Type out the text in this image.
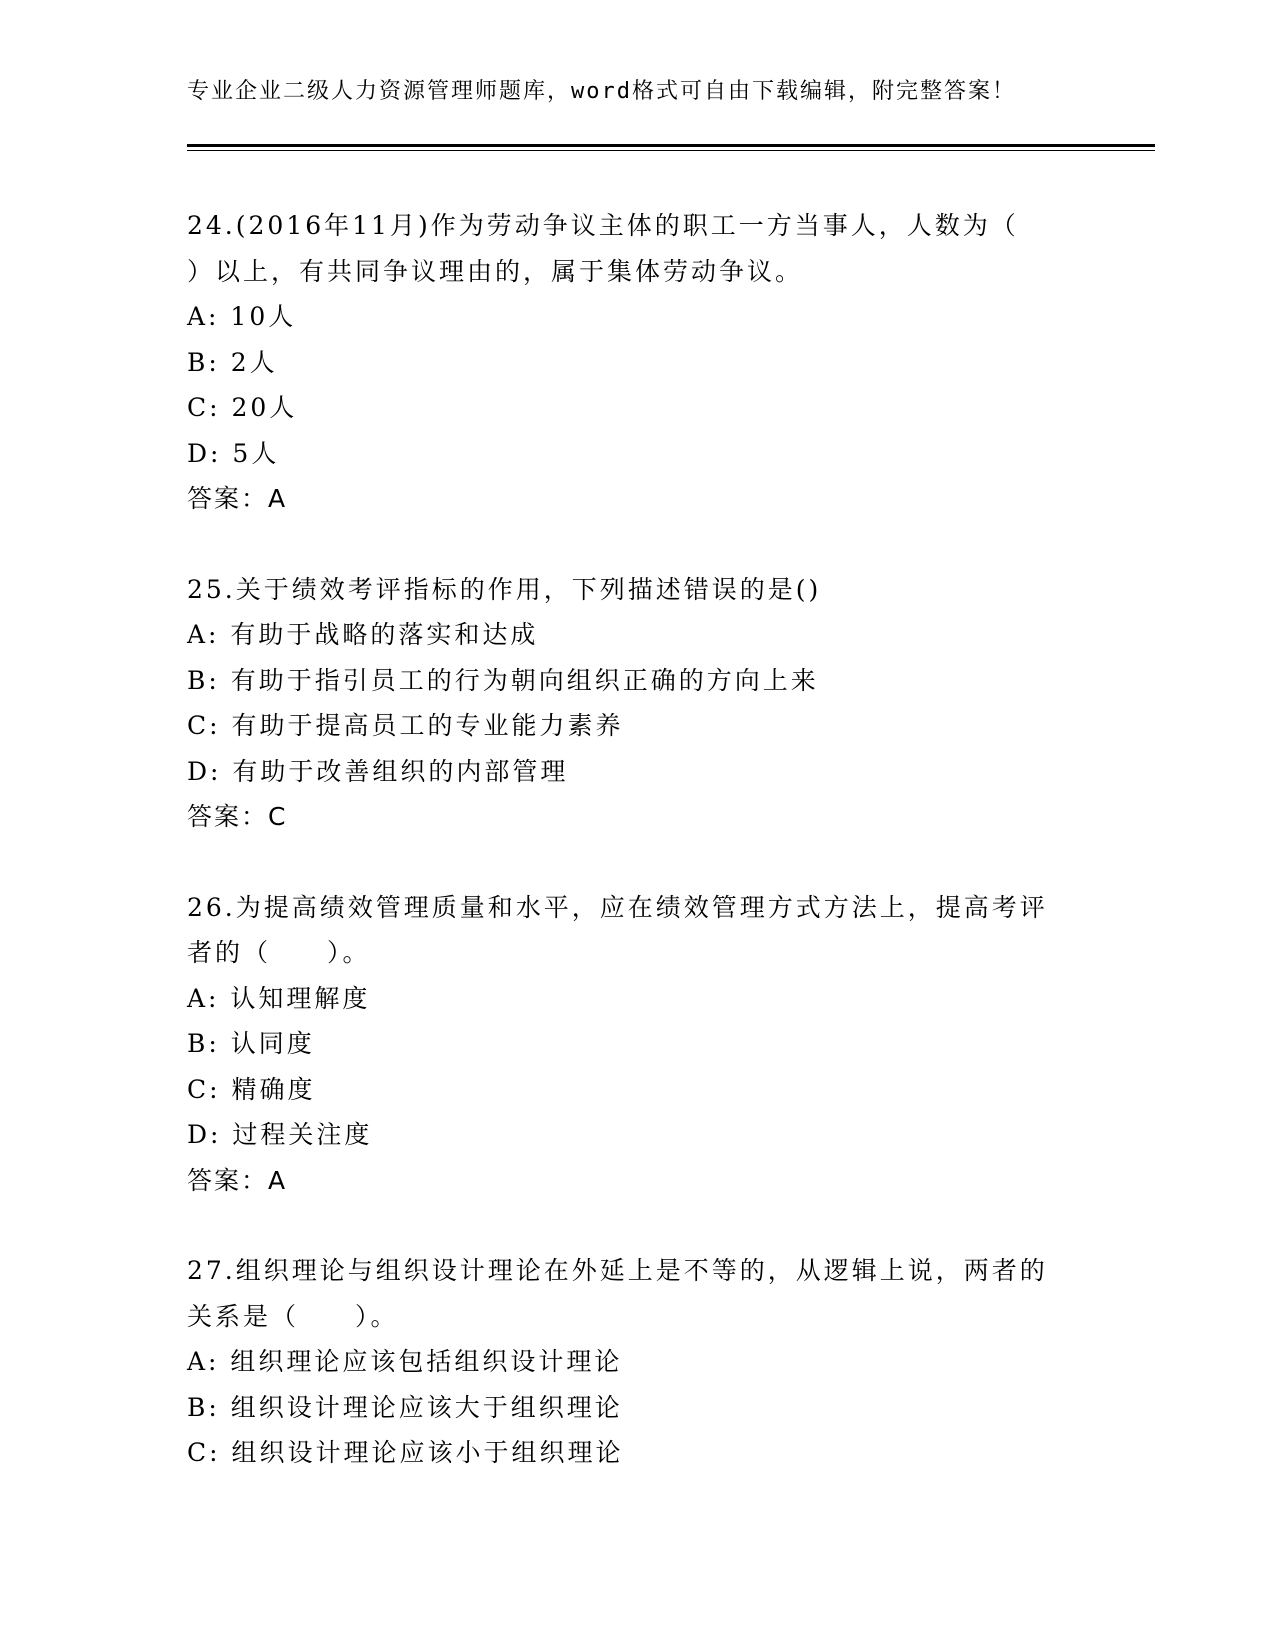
专业企业二级人力资源管理师题库，word格式可自由下载编辑，附完整答案！
24.(2016年11月)作为劳动争议主体的职工一方当事人，人数为（
）以上，有共同争议理由的，属于集体劳动争议。
A: 10人
B: 2人
C: 20人
D: 5人
答案：A
25.关于绩效考评指标的作用，下列描述错误的是()
A: 有助于战略的落实和达成
B: 有助于指引员工的行为朝向组织正确的方向上来
C: 有助于提高员工的专业能力素养
D: 有助于改善组织的内部管理
答案：C
26.为提高绩效管理质量和水平，应在绩效管理方式方法上，提高考评
者的（　　）。
A: 认知理解度
B: 认同度
C: 精确度
D: 过程关注度
答案：A
27.组织理论与组织设计理论在外延上是不等的，从逻辑上说，两者的
关系是（　　）。
A: 组织理论应该包括组织设计理论
B: 组织设计理论应该大于组织理论
C: 组织设计理论应该小于组织理论
